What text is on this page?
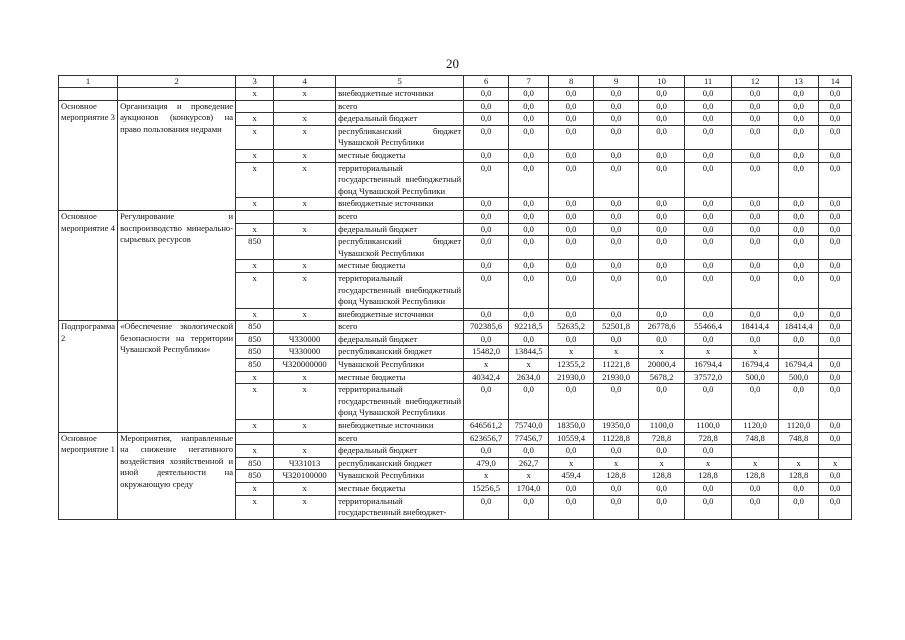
20
1	2	3	4	5	6	7	8	9	10	11	12	13	14
		x	x	внебюджетные источники	0,0	0,0	0,0	0,0	0,0	0,0	0,0	0,0	0,0
Основное мероприятие 3	Организация и проведение аукционов (конкурсов) на право пользования недрами			всего	0,0	0,0	0,0	0,0	0,0	0,0	0,0	0,0	0,0
		x	x	федеральный бюджет	0,0	0,0	0,0	0,0	0,0	0,0	0,0	0,0	0,0
		x	x	республиканский бюджет Чувашской Республики	0,0	0,0	0,0	0,0	0,0	0,0	0,0	0,0	0,0
		x	x	местные бюджеты	0,0	0,0	0,0	0,0	0,0	0,0	0,0	0,0	0,0
		x	x	территориальный государственный внебюджетный фонд Чувашской Республики	0,0	0,0	0,0	0,0	0,0	0,0	0,0	0,0	0,0
		x	x	внебюджетные источники	0,0	0,0	0,0	0,0	0,0	0,0	0,0	0,0	0,0
Основное мероприятие 4	Регулирование и воспроизводство минерально-сырьевых ресурсов			всего	0,0	0,0	0,0	0,0	0,0	0,0	0,0	0,0	0,0
		x	x	федеральный бюджет	0,0	0,0	0,0	0,0	0,0	0,0	0,0	0,0	0,0
		850		республиканский бюджет Чувашской Республики	0,0	0,0	0,0	0,0	0,0	0,0	0,0	0,0	0,0
		x	x	местные бюджеты	0,0	0,0	0,0	0,0	0,0	0,0	0,0	0,0	0,0
		x	x	территориальный государственный внебюджетный фонд Чувашской Республики	0,0	0,0	0,0	0,0	0,0	0,0	0,0	0,0	0,0
		x	x	внебюджетные источники	0,0	0,0	0,0	0,0	0,0	0,0	0,0	0,0	0,0
Подпрограмма 2	«Обеспечение экологической безопасности на территории Чувашской Республики»	850		всего	702385,6	92218,5	52635,2	52501,8	26778,6	55466,4	18414,4	18414,4	0,0
		850	Ч330000	федеральный бюджет	0,0	0,0	0,0	0,0	0,0	0,0	0,0	0,0	0,0
		850	Ч330000	республиканский бюджет	15482,0	13844,5	x	x	x	x	x		
		850	Ч320000000	Чувашской Республики	x	x	12355,2	11221,8	20000,4	16794,4	16794,4	16794,4	0,0
		x	x	местные бюджеты	40342,4	2634,0	21930,0	21930,0	5678,2	37572,0	500,0	500,0	0,0
		x	x	территориальный государственный внебюджетный фонд Чувашской Республики	0,0	0,0	0,0	0,0	0,0	0,0	0,0	0,0	0,0
		x	x	внебюджетные источники	646561,2	75740,0	18350,0	19350,0	1100,0	1100,0	1120,0	1120,0	0,0
Основное мероприятие 1	Мероприятия, направленные на снижение негативного воздействия хозяйственной и иной деятельности на окружающую среду			всего	623656,7	77456,7	10559,4	11228,8	728,8	728,8	748,8	748,8	0,0
		x	x	федеральный бюджет	0,0	0,0	0,0	0,0	0,0	0,0			
		850	Ч331013	республиканский бюджет	479,0	262,7	x	x	x	x	x	x	x
		850	Ч320100000	Чувашской Республики	x	x	459,4	128,8	128,8	128,8	128,8	128,8	0,0
		x	x	местные бюджеты	15256,5	1704,0	0,0	0,0	0,0	0,0	0,0	0,0	0,0
		x	x	территориальный государственный внебюджет-	0,0	0,0	0,0	0,0	0,0	0,0	0,0	0,0	0,0
